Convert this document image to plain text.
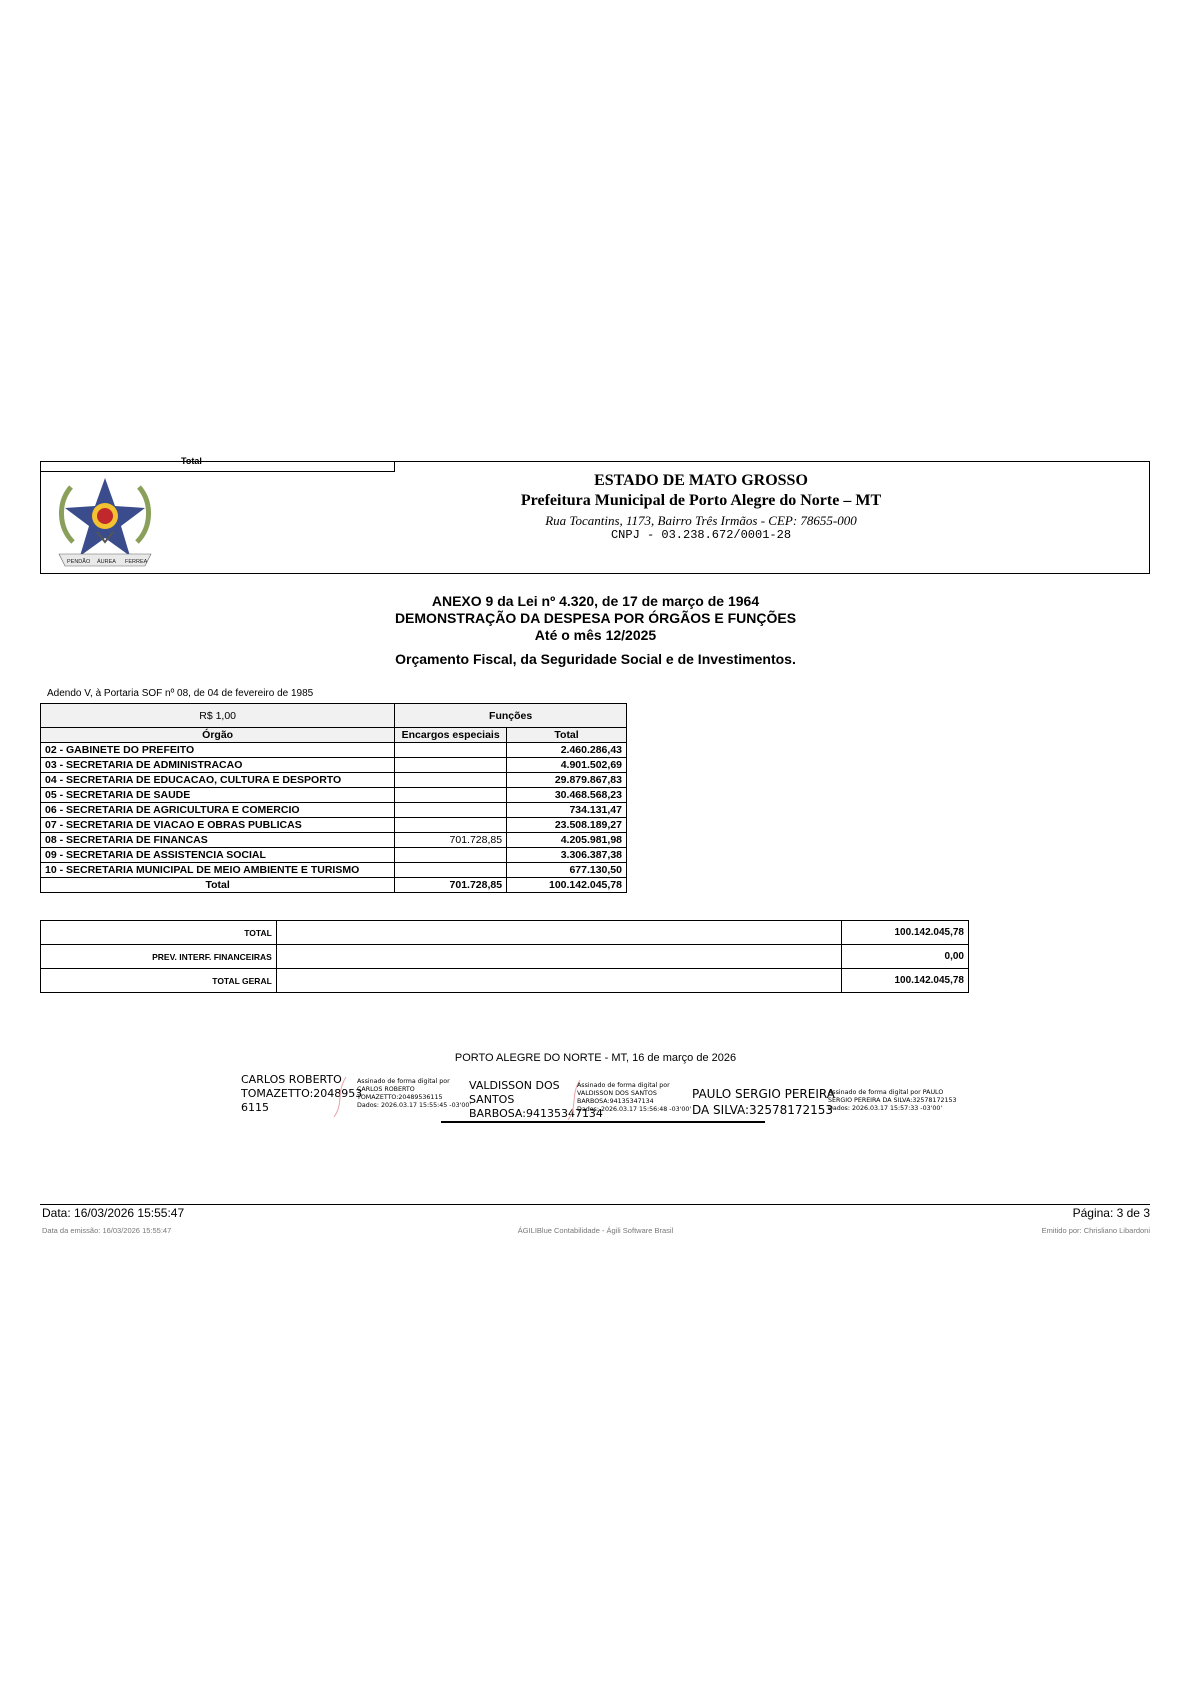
Total
PENDÃO ÁUREA FERREA
ESTADO DE MATO GROSSO
Prefeitura Municipal de Porto Alegre do Norte – MT
Rua Tocantins, 1173, Bairro Três Irmãos - CEP: 78655-000
CNPJ - 03.238.672/0001-28
ANEXO 9 da Lei nº 4.320, de 17 de março de 1964
DEMONSTRAÇÃO DA DESPESA POR ÓRGÃOS E FUNÇÕES
Até o mês 12/2025
Orçamento Fiscal, da Seguridade Social e de Investimentos.
Adendo V, à Portaria SOF nº 08, de 04 de fevereiro de 1985
R$ 1,00	Funções	
Órgão	Encargos especiais	Total
02 - GABINETE DO PREFEITO		2.460.286,43
03 - SECRETARIA DE ADMINISTRACAO		4.901.502,69
04 - SECRETARIA DE EDUCACAO, CULTURA E DESPORTO		29.879.867,83
05 - SECRETARIA DE SAUDE		30.468.568,23
06 - SECRETARIA DE AGRICULTURA E COMERCIO		734.131,47
07 - SECRETARIA DE VIACAO E OBRAS PUBLICAS		23.508.189,27
08 - SECRETARIA DE FINANCAS	701.728,85	4.205.981,98
09 - SECRETARIA DE ASSISTENCIA SOCIAL		3.306.387,38
10 - SECRETARIA MUNICIPAL DE MEIO AMBIENTE E TURISMO		677.130,50
Total	701.728,85	100.142.045,78
TOTAL		100.142.045,78
PREV. INTERF. FINANCEIRAS		0,00
TOTAL GERAL		100.142.045,78
PORTO ALEGRE DO NORTE - MT, 16 de março de 2026
CARLOS ROBERTO
TOMAZETTO:2048953
6115
Assinado de forma digital por
CARLOS ROBERTO
TOMAZETTO:20489536115
Dados: 2026.03.17 15:55:45 -03'00'
VALDISSON DOS
SANTOS
BARBOSA:94135347134
Assinado de forma digital por
VALDISSON DOS SANTOS
BARBOSA:94135347134
Dados: 2026.03.17 15:56:48 -03'00'
PAULO SERGIO PEREIRA
DA SILVA:32578172153
Assinado de forma digital por PAULO
SERGIO PEREIRA DA SILVA:32578172153
Dados: 2026.03.17 15:57:33 -03'00'
Data: 16/03/2026 15:55:47	Página: 3 de 3
Data da emissão: 16/03/2026 15:55:47	ÁGILIBlue Contabilidade - Ágili Software Brasil	Emitido por: Chrisliano Libardoni
